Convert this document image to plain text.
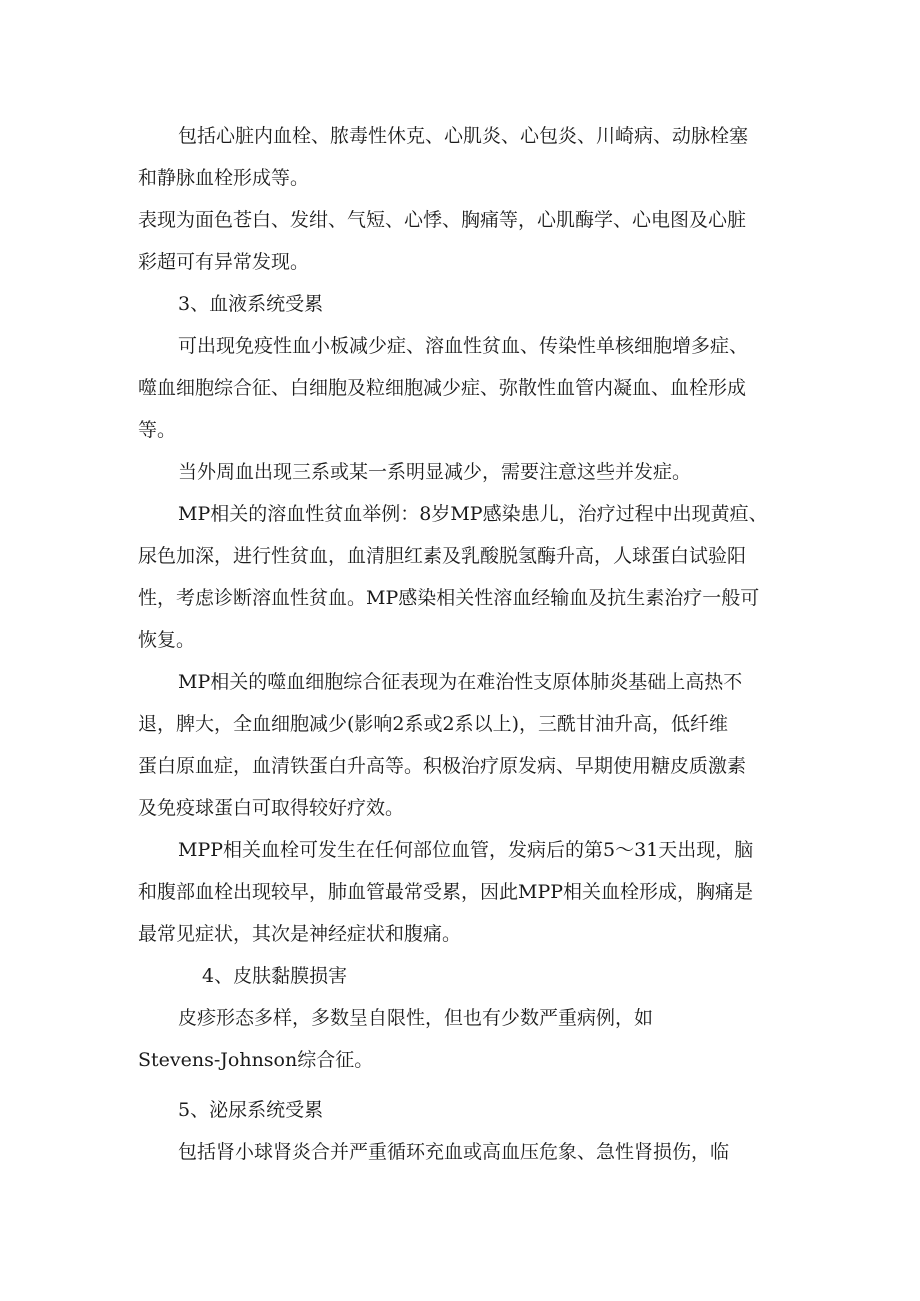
包括心脏内血栓、脓毒性休克、心肌炎、心包炎、川崎病、动脉栓塞
和静脉血栓形成等。
表现为面色苍白、发绀、气短、心悸、胸痛等，心肌酶学、心电图及心脏
彩超可有异常发现。
3、血液系统受累
可出现免疫性血小板减少症、溶血性贫血、传染性单核细胞增多症、
噬血细胞综合征、白细胞及粒细胞减少症、弥散性血管内凝血、血栓形成
等。
当外周血出现三系或某一系明显减少，需要注意这些并发症。
MP相关的溶血性贫血举例：8岁MP感染患儿，治疗过程中出现黄疸、
尿色加深，进行性贫血，血清胆红素及乳酸脱氢酶升高，人球蛋白试验阳
性，考虑诊断溶血性贫血。MP感染相关性溶血经输血及抗生素治疗一般可
恢复。
MP相关的噬血细胞综合征表现为在难治性支原体肺炎基础上高热不
退，脾大，全血细胞减少(影响2系或2系以上)，三酰甘油升高，低纤维
蛋白原血症，血清铁蛋白升高等。积极治疗原发病、早期使用糖皮质激素
及免疫球蛋白可取得较好疗效。
MPP相关血栓可发生在任何部位血管，发病后的第5～31天出现，脑
和腹部血栓出现较早，肺血管最常受累，因此MPP相关血栓形成，胸痛是
最常见症状，其次是神经症状和腹痛。
4、皮肤黏膜损害
皮疹形态多样，多数呈自限性，但也有少数严重病例，如
Stevens-Johnson综合征。
5、泌尿系统受累
包括肾小球肾炎合并严重循环充血或高血压危象、急性肾损伤，临
